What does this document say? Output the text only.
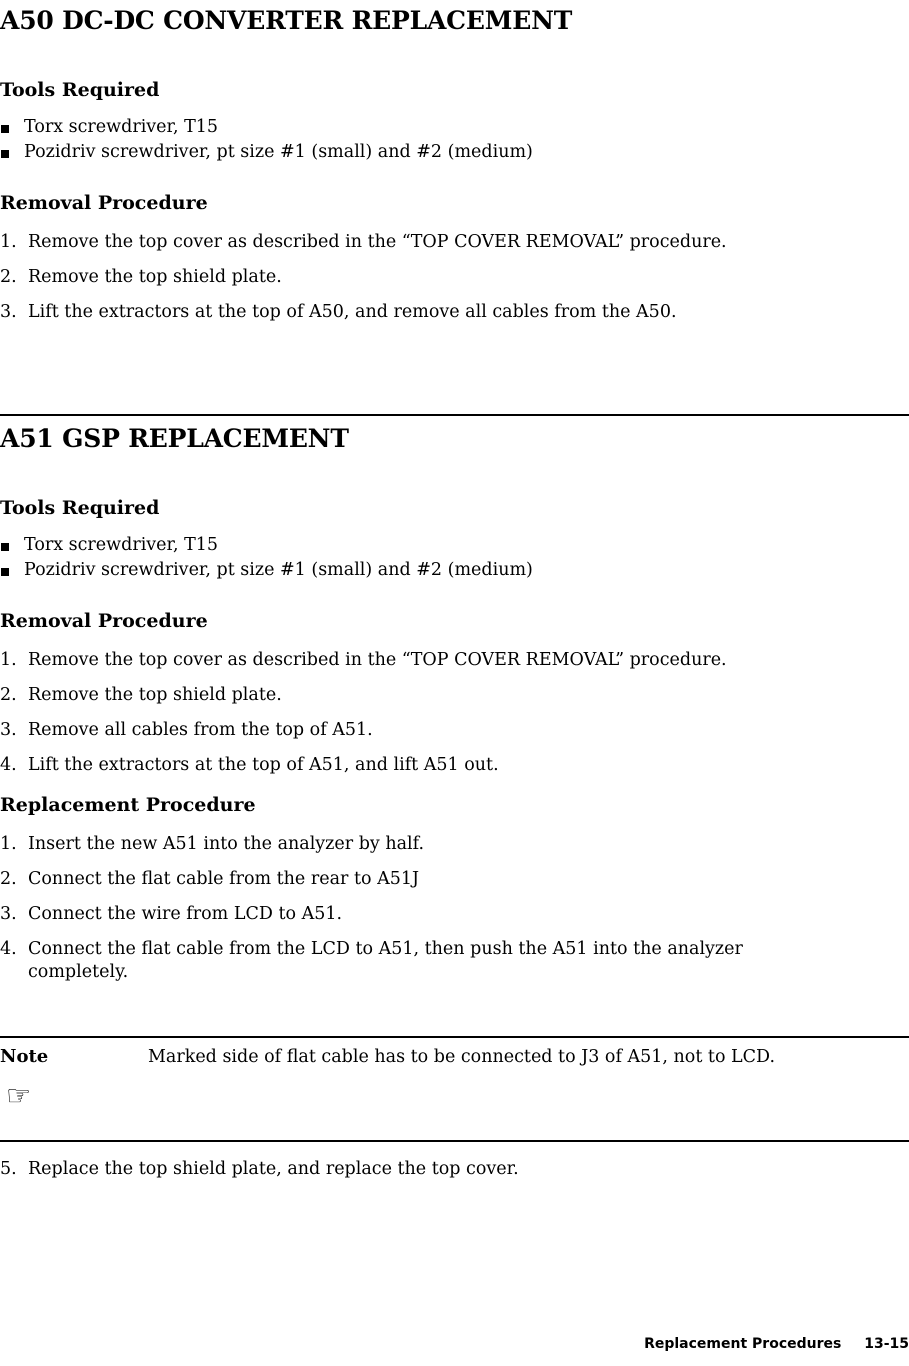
A50 DC-DC CONVERTER REPLACEMENT
Tools Required
Torx screwdriver, T15
Pozidriv screwdriver, pt size #1 (small) and #2 (medium)
Removal Procedure
1. Remove the top cover as described in the “TOP COVER REMOVAL” procedure.
2. Remove the top shield plate.
3. Lift the extractors at the top of A50, and remove all cables from the A50.
A51 GSP REPLACEMENT
Tools Required
Torx screwdriver, T15
Pozidriv screwdriver, pt size #1 (small) and #2 (medium)
Removal Procedure
1. Remove the top cover as described in the “TOP COVER REMOVAL” procedure.
2. Remove the top shield plate.
3. Remove all cables from the top of A51.
4. Lift the extractors at the top of A51, and lift A51 out.
Replacement Procedure
1. Insert the new A51 into the analyzer by half.
2. Connect the flat cable from the rear to A51J
3. Connect the wire from LCD to A51.
4. Connect the flat cable from the LCD to A51, then push the A51 into the analyzer completely.
Note
☞
Marked side of flat cable has to be connected to J3 of A51, not to LCD.
5. Replace the top shield plate, and replace the top cover.
Replacement Procedures 13-15
